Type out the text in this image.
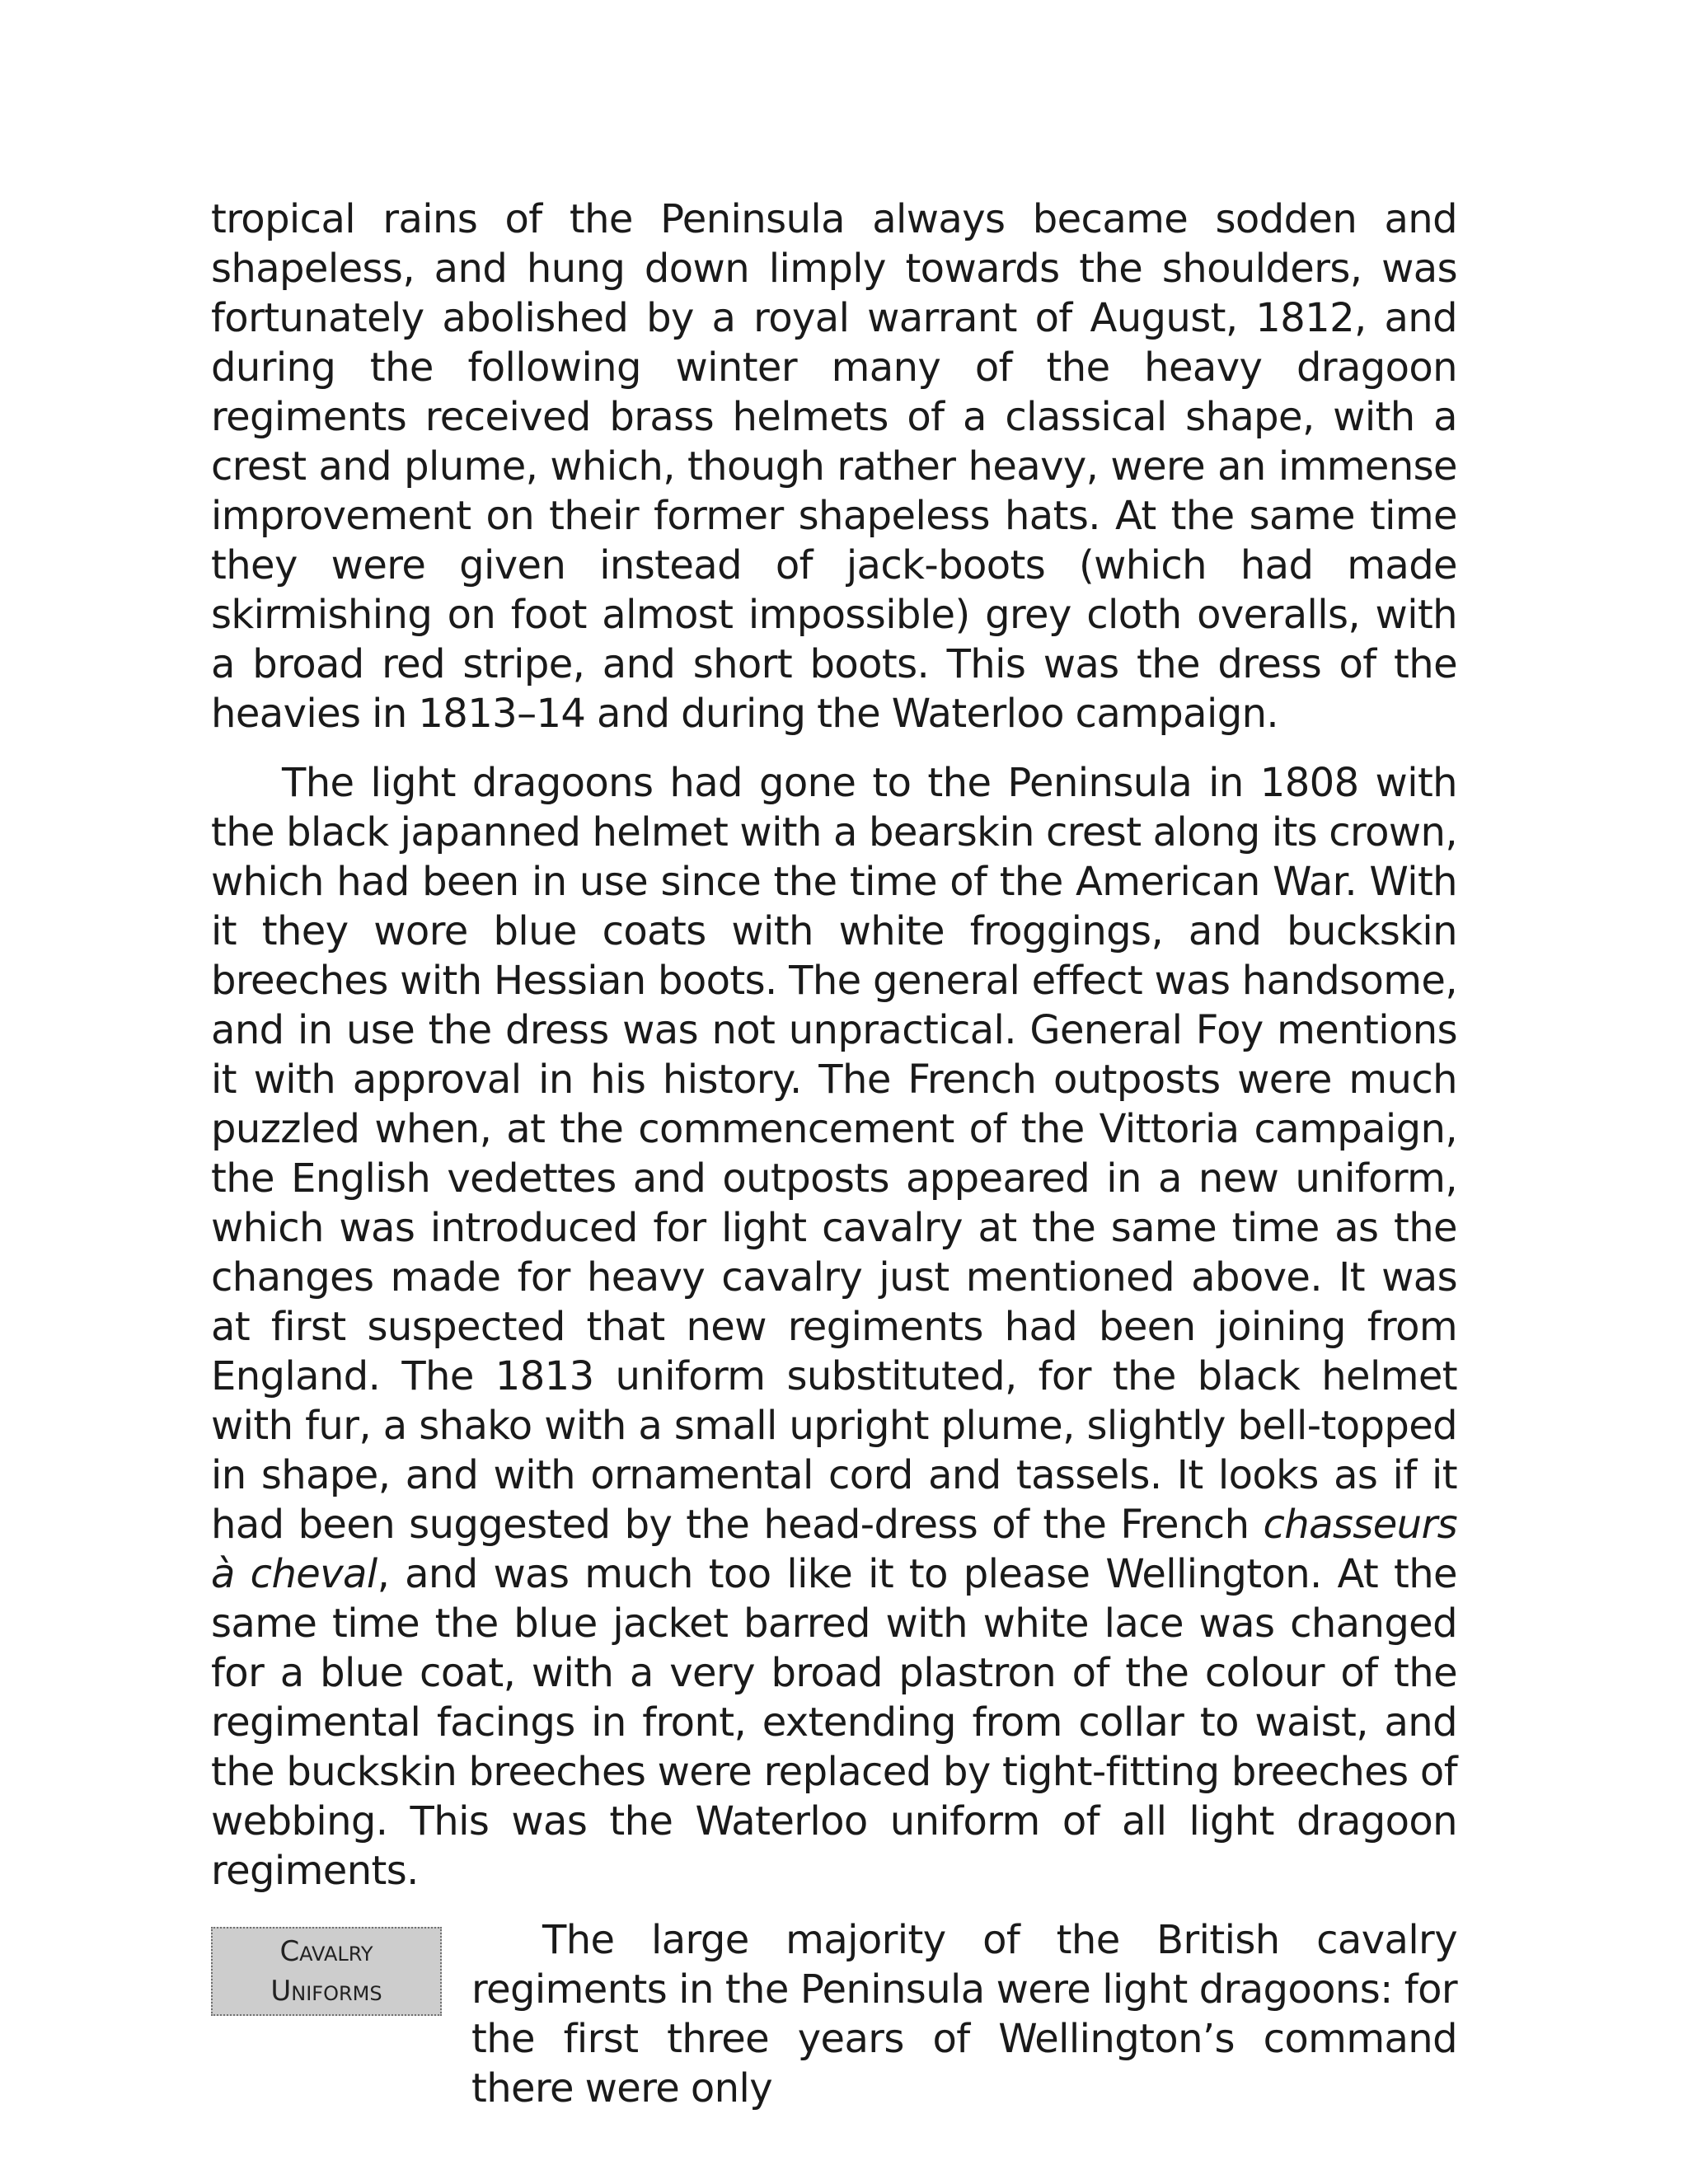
tropical rains of the Peninsula always became sodden and shapeless, and hung down limply towards the shoulders, was fortunately abolished by a royal warrant of August, 1812, and during the following winter many of the heavy dragoon regiments received brass helmets of a classical shape, with a crest and plume, which, though rather heavy, were an immense improvement on their former shapeless hats. At the same time they were given instead of jack-boots (which had made skirmishing on foot almost impossible) grey cloth overalls, with a broad red stripe, and short boots. This was the dress of the heavies in 1813–14 and during the Waterloo campaign.

The light dragoons had gone to the Peninsula in 1808 with the black japanned helmet with a bearskin crest along its crown, which had been in use since the time of the American War. With it they wore blue coats with white froggings, and buckskin breeches with Hessian boots. The general effect was handsome, and in use the dress was not unpractical. General Foy mentions it with approval in his history. The French outposts were much puzzled when, at the commencement of the Vittoria campaign, the English vedettes and outposts appeared in a new uniform, which was introduced for light cavalry at the same time as the changes made for heavy cavalry just mentioned above. It was at first suspected that new regiments had been joining from England. The 1813 uniform substituted, for the black helmet with fur, a shako with a small upright plume, slightly bell-topped in shape, and with ornamental cord and tassels. It looks as if it had been suggested by the head-dress of the French chasseurs à cheval, and was much too like it to please Wellington. At the same time the blue jacket barred with white lace was changed for a blue coat, with a very broad plastron of the colour of the regimental facings in front, extending from collar to waist, and the buckskin breeches were replaced by tight-fitting breeches of webbing. This was the Waterloo uniform of all light dragoon regiments.

Cavalry
Uniforms

The large majority of the British cavalry regiments in the Peninsula were light dragoons: for the first three years of Wellington’s command there were only
